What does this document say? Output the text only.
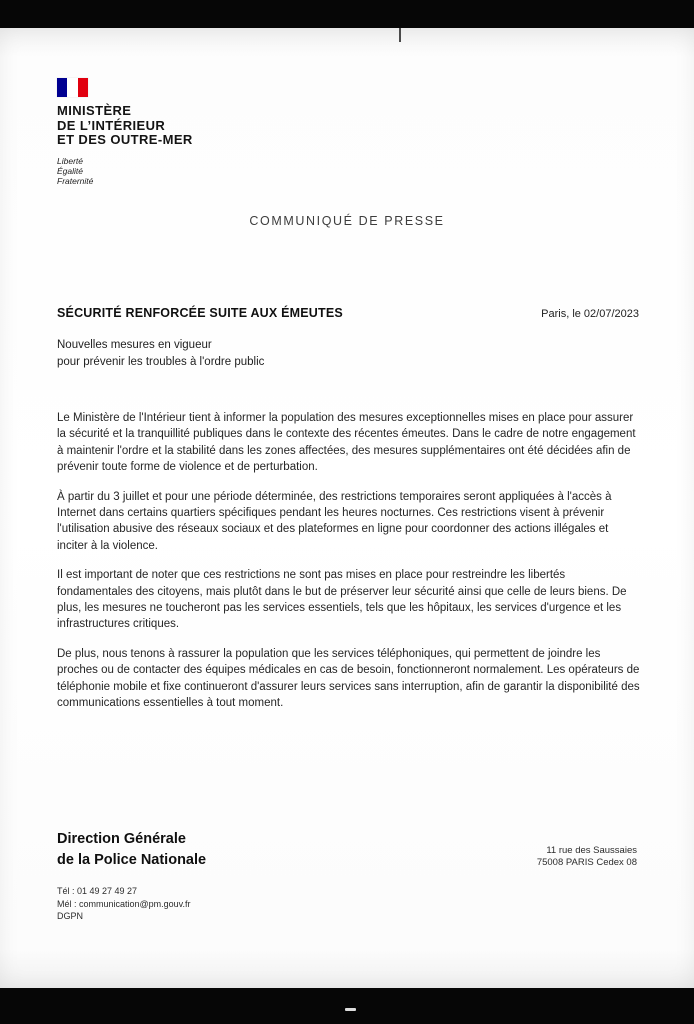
MINISTÈRE
DE L’INTÉRIEUR
ET DES OUTRE-MER
Liberté
Égalité
Fraternité
COMMUNIQUÉ DE PRESSE
SÉCURITÉ RENFORCÉE SUITE AUX ÉMEUTES	Paris, le 02/07/2023
Nouvelles mesures en vigueur
pour prévenir les troubles à l'ordre public

Le Ministère de l'Intérieur tient à informer la population des mesures exceptionnelles mises en place pour assurer la sécurité et la tranquillité publiques dans le contexte des récentes émeutes. Dans le cadre de notre engagement à maintenir l'ordre et la stabilité dans les zones affectées, des mesures supplémentaires ont été décidées afin de prévenir toute forme de violence et de perturbation.

À partir du 3 juillet et pour une période déterminée, des restrictions temporaires seront appliquées à l'accès à Internet dans certains quartiers spécifiques pendant les heures nocturnes. Ces restrictions visent à prévenir l'utilisation abusive des réseaux sociaux et des plateformes en ligne pour coordonner des actions illégales et inciter à la violence.

Il est important de noter que ces restrictions ne sont pas mises en place pour restreindre les libertés fondamentales des citoyens, mais plutôt dans le but de préserver leur sécurité ainsi que celle de leurs biens. De plus, les mesures ne toucheront pas les services essentiels, tels que les hôpitaux, les services d'urgence et les infrastructures critiques.

De plus, nous tenons à rassurer la population que les services téléphoniques, qui permettent de joindre les proches ou de contacter des équipes médicales en cas de besoin, fonctionneront normalement. Les opérateurs de téléphonie mobile et fixe continueront d'assurer leurs services sans interruption, afin de garantir la disponibilité des communications essentielles à tout moment.

Direction Générale
de la Police Nationale
11 rue des Saussaies
75008 PARIS Cedex 08
Tél : 01 49 27 49 27
Mél : communication@pm.gouv.fr
DGPN
